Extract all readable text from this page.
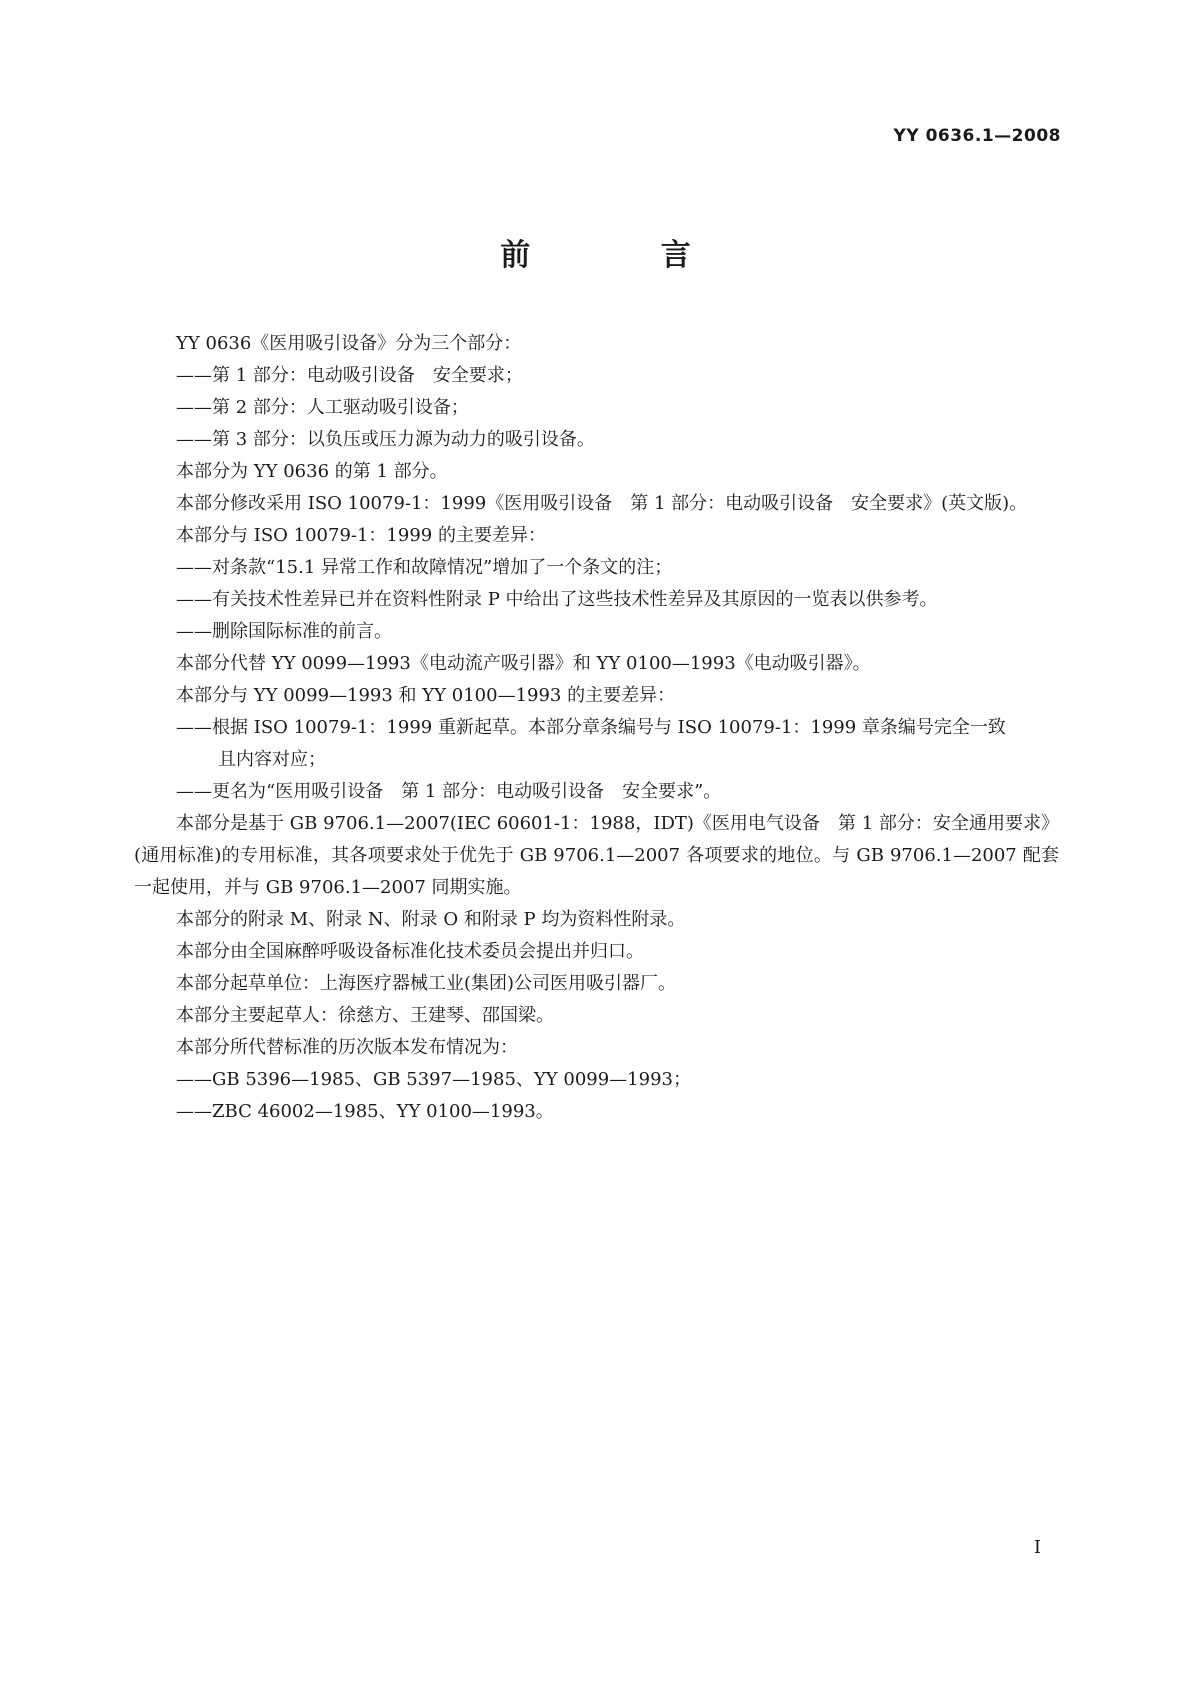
YY 0636.1—2008
前 言
YY 0636《医用吸引设备》分为三个部分：
——第 1 部分：电动吸引设备　安全要求；
——第 2 部分：人工驱动吸引设备；
——第 3 部分：以负压或压力源为动力的吸引设备。
本部分为 YY 0636 的第 1 部分。
本部分修改采用 ISO 10079-1：1999《医用吸引设备　第 1 部分：电动吸引设备　安全要求》(英文版)。
本部分与 ISO 10079-1：1999 的主要差异：
——对条款“15.1 异常工作和故障情况”增加了一个条文的注；
——有关技术性差异已并在资料性附录 P 中给出了这些技术性差异及其原因的一览表以供参考。
——删除国际标准的前言。
本部分代替 YY 0099—1993《电动流产吸引器》和 YY 0100—1993《电动吸引器》。
本部分与 YY 0099—1993 和 YY 0100—1993 的主要差异：
——根据 ISO 10079-1：1999 重新起草。本部分章条编号与 ISO 10079-1：1999 章条编号完全一致
且内容对应；
——更名为“医用吸引设备　第 1 部分：电动吸引设备　安全要求”。
本部分是基于 GB 9706.1—2007(IEC 60601-1：1988，IDT)《医用电气设备　第 1 部分：安全通用要求》(通用标准)的专用标准，其各项要求处于优先于 GB 9706.1—2007 各项要求的地位。与 GB 9706.1—2007 配套一起使用，并与 GB 9706.1—2007 同期实施。
本部分的附录 M、附录 N、附录 O 和附录 P 均为资料性附录。
本部分由全国麻醉呼吸设备标准化技术委员会提出并归口。
本部分起草单位：上海医疗器械工业(集团)公司医用吸引器厂。
本部分主要起草人：徐慈方、王建琴、邵国梁。
本部分所代替标准的历次版本发布情况为：
——GB 5396—1985、GB 5397—1985、YY 0099—1993；
——ZBC 46002—1985、YY 0100—1993。
I
